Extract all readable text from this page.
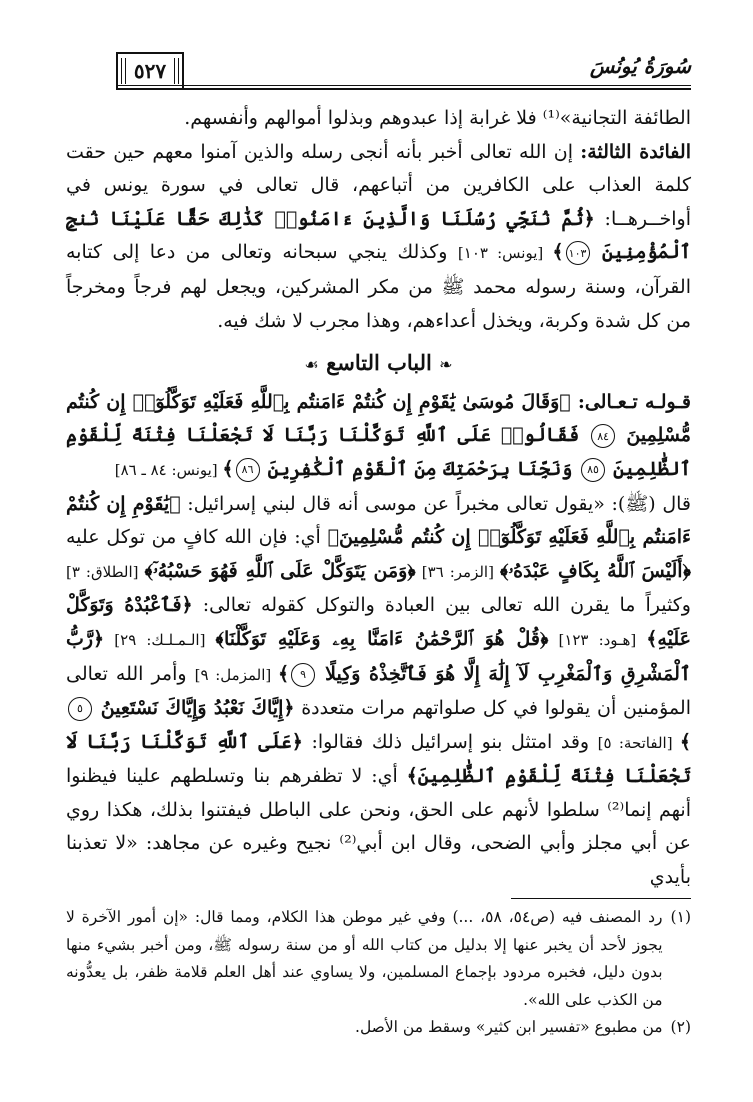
سُورَةُ يُونُسَ
٥٢٧

الطائفة التجانية»⁽¹⁾ فلا غرابة إذا عبدوهم وبذلوا أموالهم وأنفسهم.

الفائدة الثالثة: إن الله تعالى أخبر بأنه أنجى رسله والذين آمنوا معهم حين حقت كلمة العذاب على الكافرين من أتباعهم، قال تعالى في سورة يونس في أواخــرهــا: ﴿ثُمَّ نُنَجِّي رُسُلَنَا وَالَّذِينَ ءَامَنُوا۟ كَذَٰلِكَ حَقًّا عَلَيْنَا نُنجِ ٱلْمُؤْمِنِينَ ١٠٣﴾ [يونس: ١٠٣] وكذلك ينجي سبحانه وتعالى من دعا إلى كتابه القرآن، وسنة رسوله محمد ﷺ من مكر المشركين، ويجعل لهم فرجاً ومخرجاً من كل شدة وكربة، ويخذل أعداءهم، وهذا مجرب لا شك فيه.

❧ الباب التاسع ☙

قـولـه تـعـالى: ﴿وَقَالَ مُوسَىٰ يَٰقَوْمِ إِن كُنتُمْ ءَامَنتُم بِٱللَّهِ فَعَلَيْهِ تَوَكَّلُوٓا۟ إِن كُنتُم مُّسْلِمِينَ ٨٤ فَقَالُوا۟ عَلَى ٱللَّهِ تَوَكَّلْنَا رَبَّنَا لَا تَجْعَلْنَا فِتْنَةً لِّلْقَوْمِ ٱلظَّٰلِمِينَ ٨٥ وَنَجِّنَا بِرَحْمَتِكَ مِنَ ٱلْقَوْمِ ٱلْكَٰفِرِينَ ٨٦﴾ [يونس: ٨٤ ـ ٨٦]

قال (ﷺ): «يقول تعالى مخبراً عن موسى أنه قال لبني إسرائيل: ﴿يَٰقَوْمِ إِن كُنتُمْ ءَامَنتُم بِٱللَّهِ فَعَلَيْهِ تَوَكَّلُوٓا۟ إِن كُنتُم مُّسْلِمِينَ﴾ أي: فإن الله كافٍ من توكل عليه ﴿أَلَيْسَ ٱللَّهُ بِكَافٍ عَبْدَهُۥ﴾ [الزمر: ٣٦] ﴿وَمَن يَتَوَكَّلْ عَلَى ٱللَّهِ فَهُوَ حَسْبُهُۥٓ﴾ [الطلاق: ٣] وكثيراً ما يقرن الله تعالى بين العبادة والتوكل كقوله تعالى: ﴿فَٱعْبُدْهُ وَتَوَكَّلْ عَلَيْهِ﴾ [هـود: ١٢٣] ﴿قُلْ هُوَ ٱلرَّحْمَٰنُ ءَامَنَّا بِهِۦ وَعَلَيْهِ تَوَكَّلْنَا﴾ [الـمـلـك: ٢٩] ﴿رَّبُّ ٱلْمَشْرِقِ وَٱلْمَغْرِبِ لَآ إِلَٰهَ إِلَّا هُوَ فَٱتَّخِذْهُ وَكِيلًا ٩﴾ [المزمل: ٩] وأمر الله تعالى المؤمنين أن يقولوا في كل صلواتهم مرات متعددة ﴿إِيَّاكَ نَعْبُدُ وَإِيَّاكَ نَسْتَعِينُ ٥﴾ [الفاتحة: ٥] وقد امتثل بنو إسرائيل ذلك فقالوا: ﴿عَلَى ٱللَّهِ تَوَكَّلْنَا رَبَّنَا لَا تَجْعَلْنَا فِتْنَةً لِّلْقَوْمِ ٱلظَّٰلِمِينَ﴾ أي: لا تظفرهم بنا وتسلطهم علينا فيظنوا أنهم إنما⁽²⁾ سلطوا لأنهم على الحق، ونحن على الباطل فيفتنوا بذلك، هكذا روي عن أبي مجلز وأبي الضحى، وقال ابن أبي⁽²⁾ نجيح وغيره عن مجاهد: «لا تعذبنا بأيدي

(١)
رد المصنف فيه (ص٥٤، ٥٨، ...) وفي غير موطن هذا الكلام، ومما قال: «إن أمور الآخرة لا يجوز لأحد أن يخبر عنها إلا بدليل من كتاب الله أو من سنة رسوله ﷺ، ومن أخبر بشيء منها بدون دليل، فخبره مردود بإجماع المسلمين، ولا يساوي عند أهل العلم قلامة ظفر، بل يعدُّونه من الكذب على الله».

(٢)
من مطبوع «تفسير ابن كثير» وسقط من الأصل.
